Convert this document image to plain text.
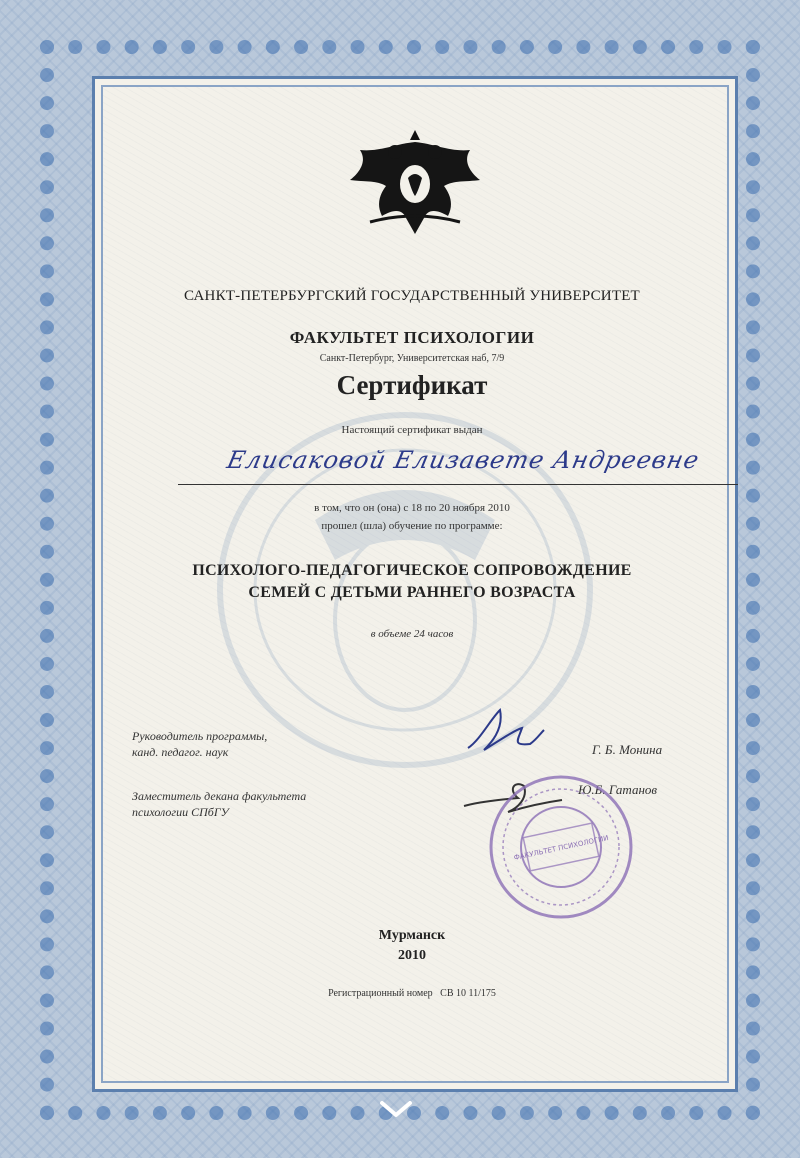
САНКТ-ПЕТЕРБУРГСКИЙ ГОСУДАРСТВЕННЫЙ УНИВЕРСИТЕТ
ФАКУЛЬТЕТ ПСИХОЛОГИИ
Санкт-Петербург, Университетская наб, 7/9
Сертификат
Настоящий сертификат выдан
Елисаковой Елизавете Андреевне
в том, что он (она) с 18 по 20 ноября 2010
прошел (шла) обучение по программе:
ПСИХОЛОГО-ПЕДАГОГИЧЕСКОЕ СОПРОВОЖДЕНИЕ
СЕМЕЙ С ДЕТЬМИ РАННЕГО ВОЗРАСТА
в объеме 24 часов
Руководитель программы,
канд. педагог. наук	Г. Б. Монина
Заместитель декана факультета
психологии СПбГУ
Ю.Б. Гатанов
ФАКУЛЬТЕТ ПСИХОЛОГИИ
Мурманск
2010
Регистрационный номер СВ 10 11/175
